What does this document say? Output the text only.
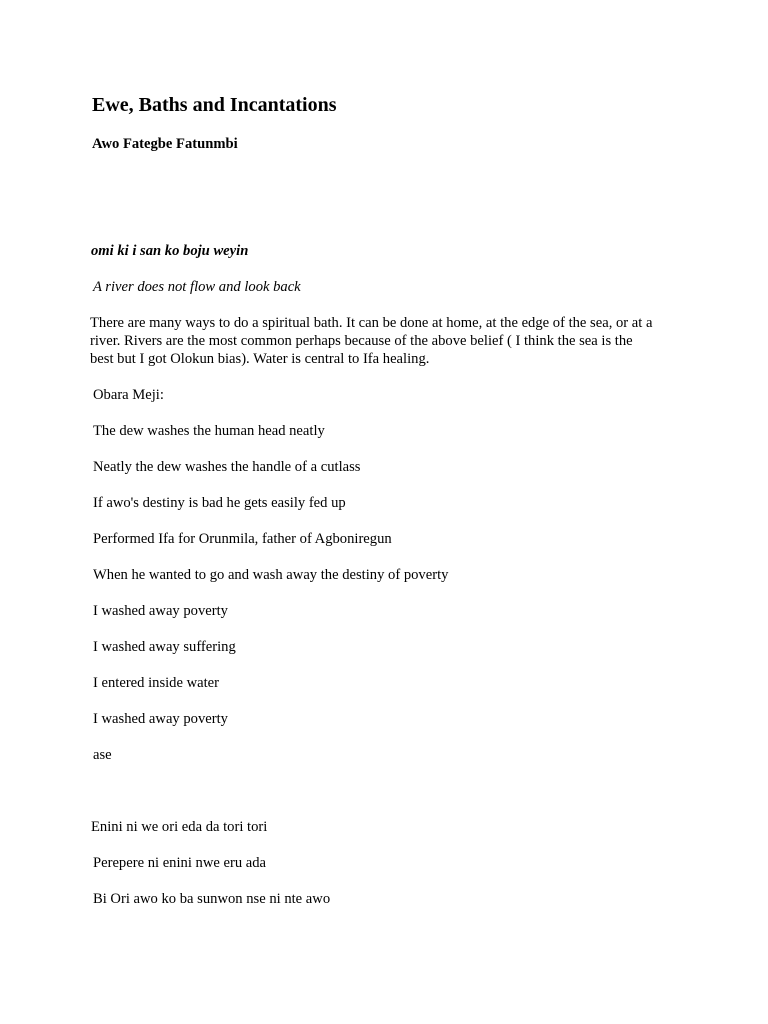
Ewe, Baths and Incantations

Awo Fategbe Fatunmbi

omi ki i san ko boju weyin

A river does not flow and look back

There are many ways to do a spiritual bath. It can be done at home, at the edge of the sea, or at a
river. Rivers are the most common perhaps because of the above belief ( I think the sea is the
best but I got Olokun bias). Water is central to Ifa healing.

Obara Meji:

The dew washes the human head neatly

Neatly the dew washes the handle of a cutlass

If awo's destiny is bad he gets easily fed up

Performed Ifa for Orunmila, father of Agboniregun

When he wanted to go and wash away the destiny of poverty

I washed away poverty

I washed away suffering

I entered inside water

I washed away poverty

ase

Enini ni we ori eda da tori tori

Perepere ni enini nwe eru ada

Bi Ori awo ko ba sunwon nse ni nte awo
